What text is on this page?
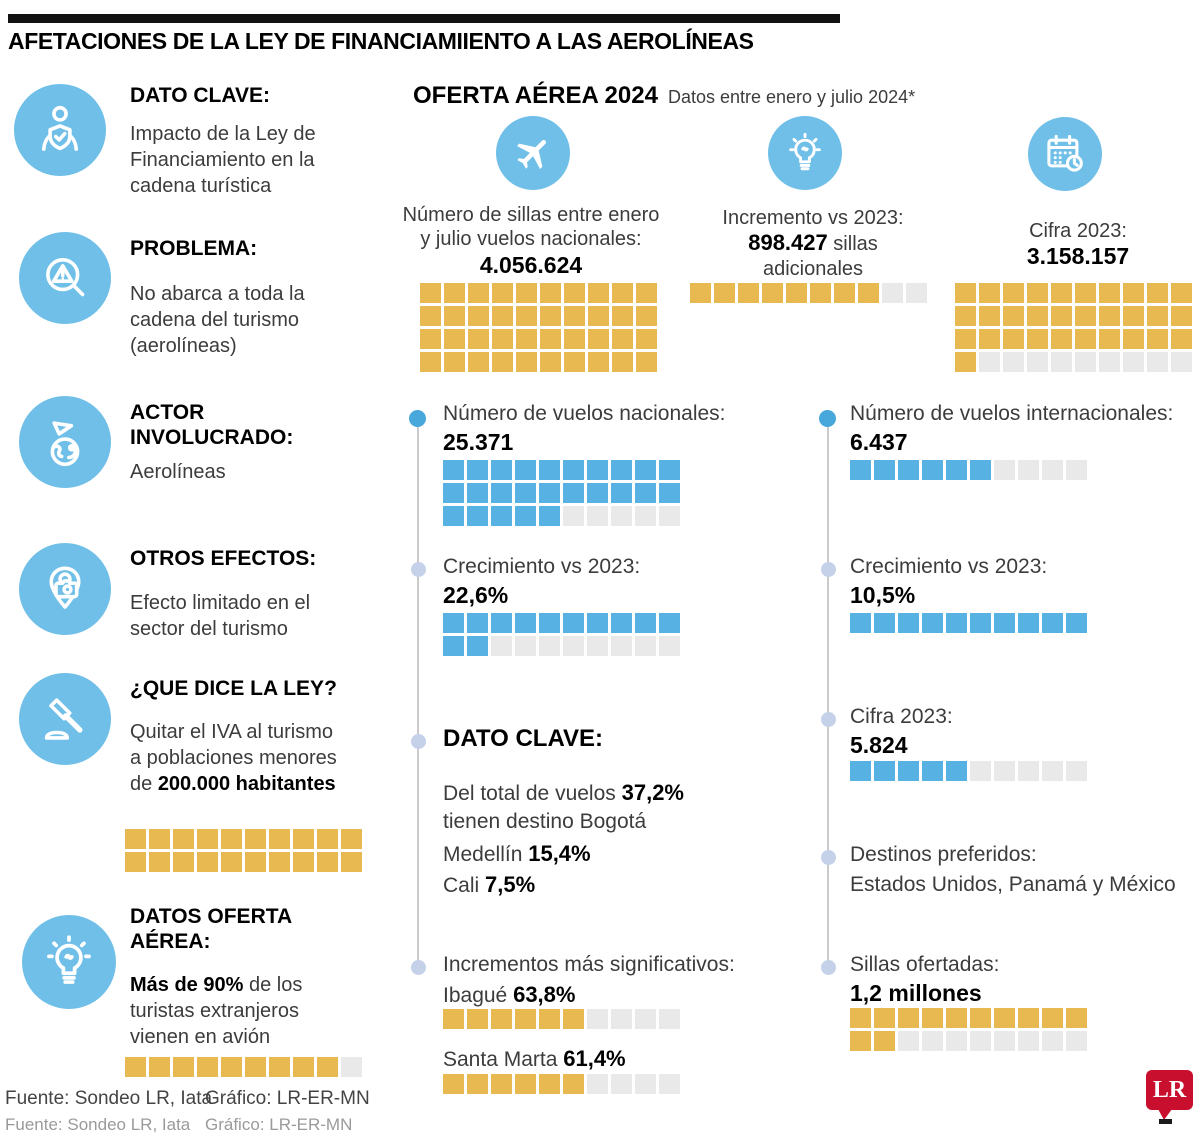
AFETACIONES DE LA LEY DE FINANCIAMIIENTO A LAS AEROLÍNEAS
DATO CLAVE:
Impacto de la Ley de Financiamiento en la cadena turística
PROBLEMA:
No abarca a toda la cadena del turismo (aerolíneas)
ACTOR INVOLUCRADO:
Aerolíneas
OTROS EFECTOS:
Efecto limitado en el sector del turismo
¿QUE DICE LA LEY?
Quitar el IVA al turismo a poblaciones menores de 200.000 habitantes
DATOS OFERTA AÉREA:
Más de 90% de los turistas extranjeros vienen en avión
OFERTA AÉREA 2024 Datos entre enero y julio 2024*
Número de sillas entre enero
y julio vuelos nacionales:
4.056.624
Incremento vs 2023:
898.427 sillas adicionales
Cifra 2023:
3.158.157
Número de vuelos nacionales:
25.371
Crecimiento vs 2023:
22,6%
DATO CLAVE:
Del total de vuelos 37,2% tienen destino Bogotá
Medellín 15,4%
Cali 7,5%
Incrementos más significativos:
Ibagué 63,8%
Santa Marta 61,4%
Número de vuelos internacionales:
6.437
Crecimiento vs 2023:
10,5%
Cifra 2023:
5.824
Destinos preferidos:
Estados Unidos, Panamá y México
Sillas ofertadas:
1,2 millones
Fuente: Sondeo LR, Iata
Gráfico: LR-ER-MN
Fuente: Sondeo LR, Iata Gráfico: LR-ER-MN
LR
